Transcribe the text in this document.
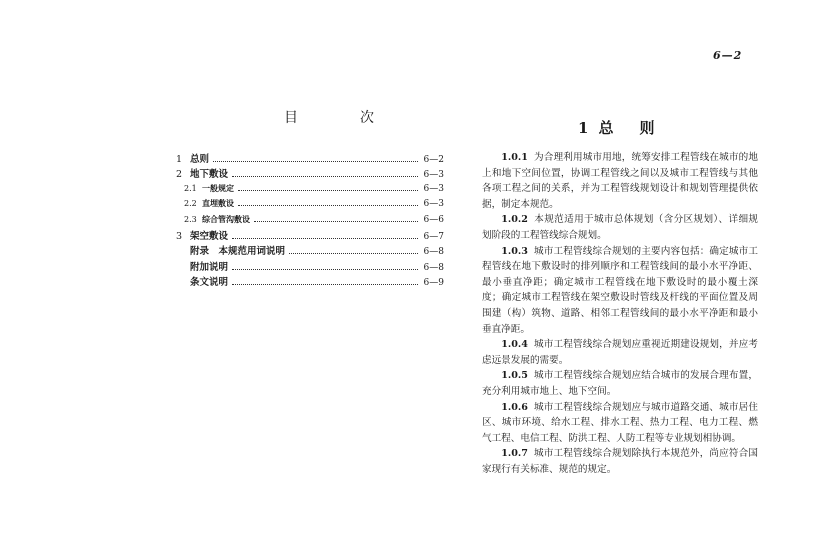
6—2
目　次
1 总则	6—2
2 地下敷设	6—3
2.1 一般规定	6—3
2.2 直埋敷设	6—3
2.3 综合管沟敷设	6—6
3 架空敷设	6—7
附录　本规范用词说明	6—8
附加说明	6—8
条文说明	6—9
1 总则

1.0.1 为合理利用城市用地，统筹安排工程管线在城市的地上和地下空间位置，协调工程管线之间以及城市工程管线与其他各项工程之间的关系，并为工程管线规划设计和规划管理提供依据，制定本规范。

1.0.2 本规范适用于城市总体规划（含分区规划）、详细规划阶段的工程管线综合规划。

1.0.3 城市工程管线综合规划的主要内容包括：确定城市工程管线在地下敷设时的排列顺序和工程管线间的最小水平净距、最小垂直净距；确定城市工程管线在地下敷设时的最小覆土深度；确定城市工程管线在架空敷设时管线及杆线的平面位置及周围建（构）筑物、道路、相邻工程管线间的最小水平净距和最小垂直净距。

1.0.4 城市工程管线综合规划应重视近期建设规划，并应考虑远景发展的需要。

1.0.5 城市工程管线综合规划应结合城市的发展合理布置，充分利用城市地上、地下空间。

1.0.6 城市工程管线综合规划应与城市道路交通、城市居住区、城市环境、给水工程、排水工程、热力工程、电力工程、燃气工程、电信工程、防洪工程、人防工程等专业规划相协调。

1.0.7 城市工程管线综合规划除执行本规范外，尚应符合国家现行有关标准、规范的规定。
